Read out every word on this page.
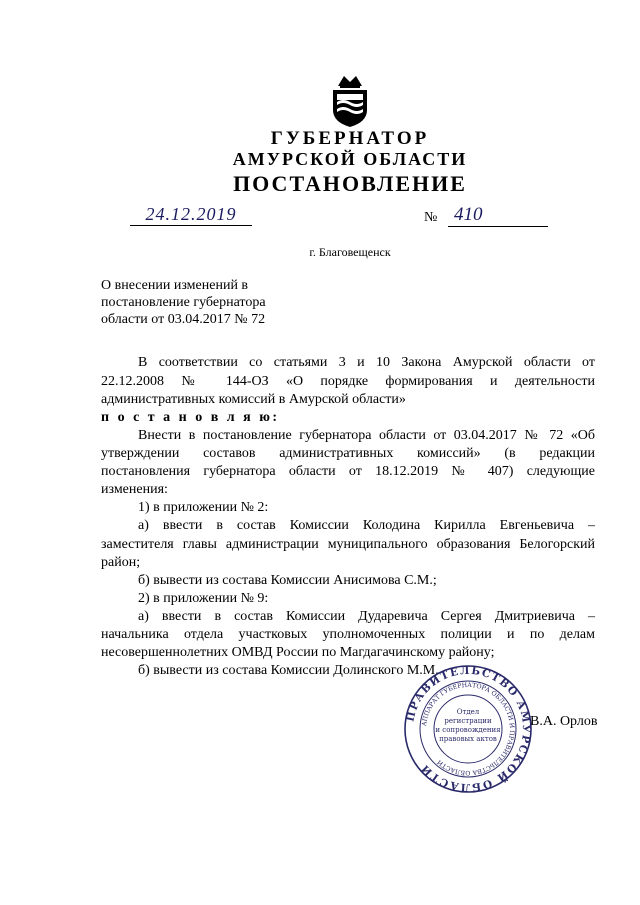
ГУБЕРНАТОР
АМУРСКОЙ ОБЛАСТИ
ПОСТАНОВЛЕНИЕ
24.12.2019	№ 410
г. Благовещенск
О внесении изменений в
постановление губернатора
области от 03.04.2017 № 72
В соответствии со статьями 3 и 10 Закона Амурской области от
22.12.2008 № 144-ОЗ «О порядке формирования и деятельности
административных комиссий в Амурской области»
п о с т а н о в л я ю:
Внести в постановление губернатора области от 03.04.2017 № 72 «Об
утверждении составов административных комиссий» (в редакции
постановления губернатора области от 18.12.2019 № 407) следующие
изменения:
1) в приложении № 2:
а) ввести в состав Комиссии Колодина Кирилла Евгеньевича –
заместителя главы администрации муниципального образования Белогорский
район;
б) вывести из состава Комиссии Анисимова С.М.;
2) в приложении № 9:
а) ввести в состав Комиссии Дударевича Сергея Дмитриевича –
начальника отдела участковых уполномоченных полиции и по делам
несовершеннолетних ОМВД России по Магдагачинскому району;
б) вывести из состава Комиссии Долинского М.М.
ПРАВИТЕЛЬСТВО АМУРСКОЙ ОБЛАСТИ
АППАРАТ ГУБЕРНАТОРА ОБЛАСТИ И ПРАВИТЕЛЬСТВА ОБЛАСТИ
Отдел
регистрации
и сопровождения
правовых актов
В.А. Орлов
